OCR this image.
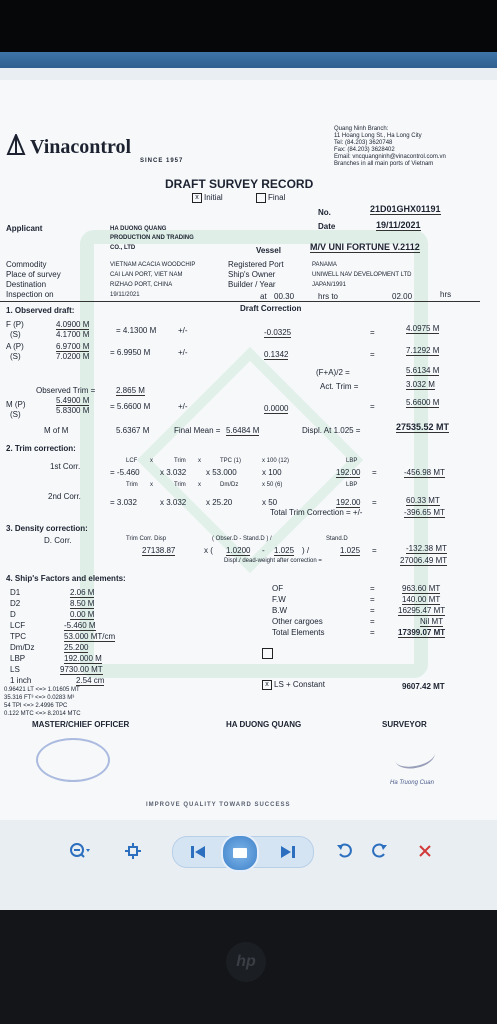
Vinacontrol
SINCE 1957
Quang Ninh Branch:
11 Hoang Long St., Ha Long City
Tel: (84.203) 3620748
Fax: (84.203) 3628402
Email: vncquangninh@vinacontrol.com.vn
Branches in all main ports of Vietnam
DRAFT SURVEY RECORD
x Initial	Final
No.	21D01GHX01191
Date	19/11/2021
Applicant	HA DUONG QUANG
PRODUCTION AND TRADING
CO., LTD	Vessel	M/V UNI FORTUNE V.2112
Commodity	VIETNAM ACACIA WOODCHIP	Registered Port	PANAMA
Place of survey	CAI LAN PORT, VIET NAM	Ship's Owner	UNIWELL NAV DEVELOPMENT LTD
Destination	RIZHAO PORT, CHINA	Builder / Year	JAPAN/1991
Inspection on	19/11/2021	at 00.30	hrs to	02.00	hrs
1. Observed draft:	Draft Correction
F (P)	4.0900 M
(S)	4.1700 M	= 4.1300 M	+/-	-0.0325	=	4.0975 M
A (P)	6.9700 M
(S)	7.0200 M	= 6.9950 M	+/-	0.1342	=	7.1292 M
(F+A)/2 =	5.6134 M
Observed Trim =	2.865 M	Act. Trim =	3.032 M
M (P)	5.4900 M
(S)	5.8300 M	= 5.6600 M	+/-	0.0000	=	5.6600 M
M of M	5.6367 M	Final Mean = 5.6484 M	Displ. At 1.025 =	27535.52 MT
2. Trim correction:
1st Corr.
LCF x	Trim x	TPC (1)	x 100 (12)	LBP
= -5.460	x 3.032 x 53.000	x 100	192.00 =	-456.98 MT
2nd Corr.
Trim x	Trim x	Dm/Dz	x 50 (6)	LBP
= 3.032	x 3.032 x 25.20	x 50	192.00 =	60.33 MT
Total Trim Correction = +/-	-396.65 MT
3. Density correction:
D. Corr.	Trim Corr. Disp	( Obser.D - Stand.D ) /	Stand.D
27138.87	x ( 1.0200 - 1.025 ) /	1.025 =	-132.38 MT
Displ./ dead-weight after correction =	27006.49 MT
4. Ship's Factors and elements:
D1	2.06 M
D2	8.50 M
D	0.00 M
LCF	-5.460 M
TPC	53.000 MT/cm
Dm/Dz	25.200
LBP	192.000 M
LS	9730.00 MT
1 inch	2.54 cm
0.96421 LT <=> 1.01605 MT
35.316 FT³ <=> 0.0283 M³
54 TPI <=> 2.4996 TPC
0.122 MTC <=> 8.2014 MTC
OF	=	963.60 MT
F.W	=	140.00 MT
B.W	=	16295.47 MT
Other cargoes	=	Nil MT
Total Elements	=	17399.07 MT
x LS + Constant	9607.42 MT
MASTER/CHIEF OFFICER	HA DUONG QUANG	SURVEYOR
Ha Truong Cuan
IMPROVE QUALITY TOWARD SUCCESS
hp
